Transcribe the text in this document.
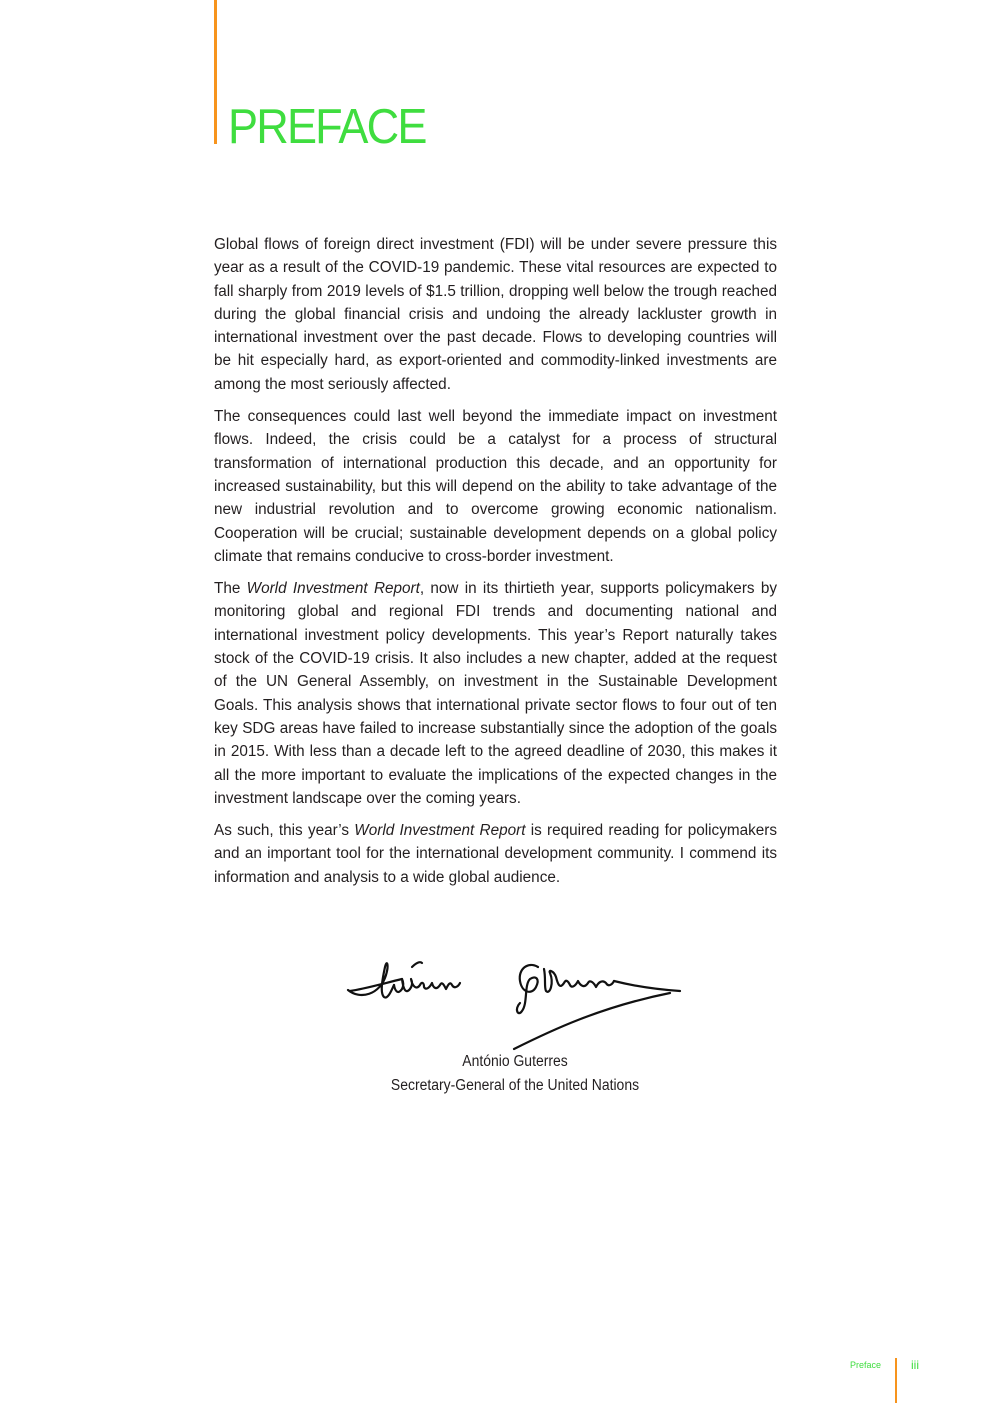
PREFACE

Global flows of foreign direct investment (FDI) will be under severe pressure this year as a result of the COVID-19 pandemic. These vital resources are expected to fall sharply from 2019 levels of $1.5 trillion, dropping well below the trough reached during the global financial crisis and undoing the already lackluster growth in international investment over the past decade. Flows to developing countries will be hit especially hard, as export-oriented and commodity-linked investments are among the most seriously affected.

The consequences could last well beyond the immediate impact on investment flows. Indeed, the crisis could be a catalyst for a process of structural transformation of international production this decade, and an opportunity for increased sustainability, but this will depend on the ability to take advantage of the new industrial revolution and to overcome growing economic nationalism. Cooperation will be crucial; sustainable development depends on a global policy climate that remains conducive to cross-border investment.

The World Investment Report, now in its thirtieth year, supports policymakers by monitoring global and regional FDI trends and documenting national and international investment policy developments. This year’s Report naturally takes stock of the COVID-19 crisis. It also includes a new chapter, added at the request of the UN General Assembly, on investment in the Sustainable Development Goals. This analysis shows that international private sector flows to four out of ten key SDG areas have failed to increase substantially since the adoption of the goals in 2015. With less than a decade left to the agreed deadline of 2030, this makes it all the more important to evaluate the implications of the expected changes in the investment landscape over the coming years.

As such, this year’s World Investment Report is required reading for policymakers and an important tool for the international development community. I commend its information and analysis to a wide global audience.

António Guterres
Secretary-General of the United Nations
Preface iii
